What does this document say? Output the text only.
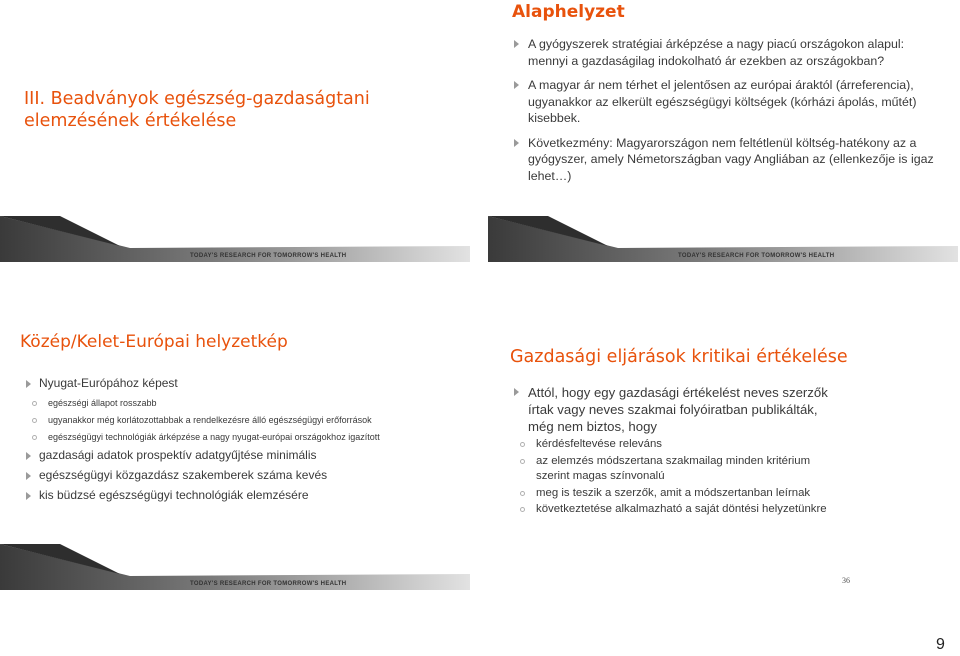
III. Beadványok egészség-gazdaságtani elemzésének értékelése
TODAY'S RESEARCH FOR TOMORROW'S HEALTH
Alaphelyzet
A gyógyszerek stratégiai árképzése a nagy piacú országokon alapul: mennyi a gazdaságilag indokolható ár ezekben az országokban?
A magyar ár nem térhet el jelentősen az európai áraktól (árreferencia), ugyanakkor az elkerült egészségügyi költségek (kórházi ápolás, műtét) kisebbek.
Következmény: Magyarországon nem feltétlenül költség-hatékony az a gyógyszer, amely Németországban vagy Angliában az (ellenkezője is igaz lehet…)
TODAY'S RESEARCH FOR TOMORROW'S HEALTH
Közép/Kelet-Európai helyzetkép
Nyugat-Európához képest
egészségi állapot rosszabb
ugyanakkor még korlátozottabbak a rendelkezésre álló egészségügyi erőforrások
egészségügyi technológiák árképzése a nagy nyugat-európai országokhoz igazított
gazdasági adatok prospektív adatgyűjtése minimális
egészségügyi közgazdász szakemberek száma kevés
kis büdzsé egészségügyi technológiák elemzésére
TODAY'S RESEARCH FOR TOMORROW'S HEALTH
Gazdasági eljárások kritikai értékelése
Attól, hogy egy gazdasági értékelést neves szerzők írtak vagy neves szakmai folyóiratban publikálták, még nem biztos, hogy
kérdésfeltevése releváns
az elemzés módszertana szakmailag minden kritérium szerint magas színvonalú
meg is teszik a szerzők, amit a módszertanban leírnak
következtetése alkalmazható a saját döntési helyzetünkre
36
9
